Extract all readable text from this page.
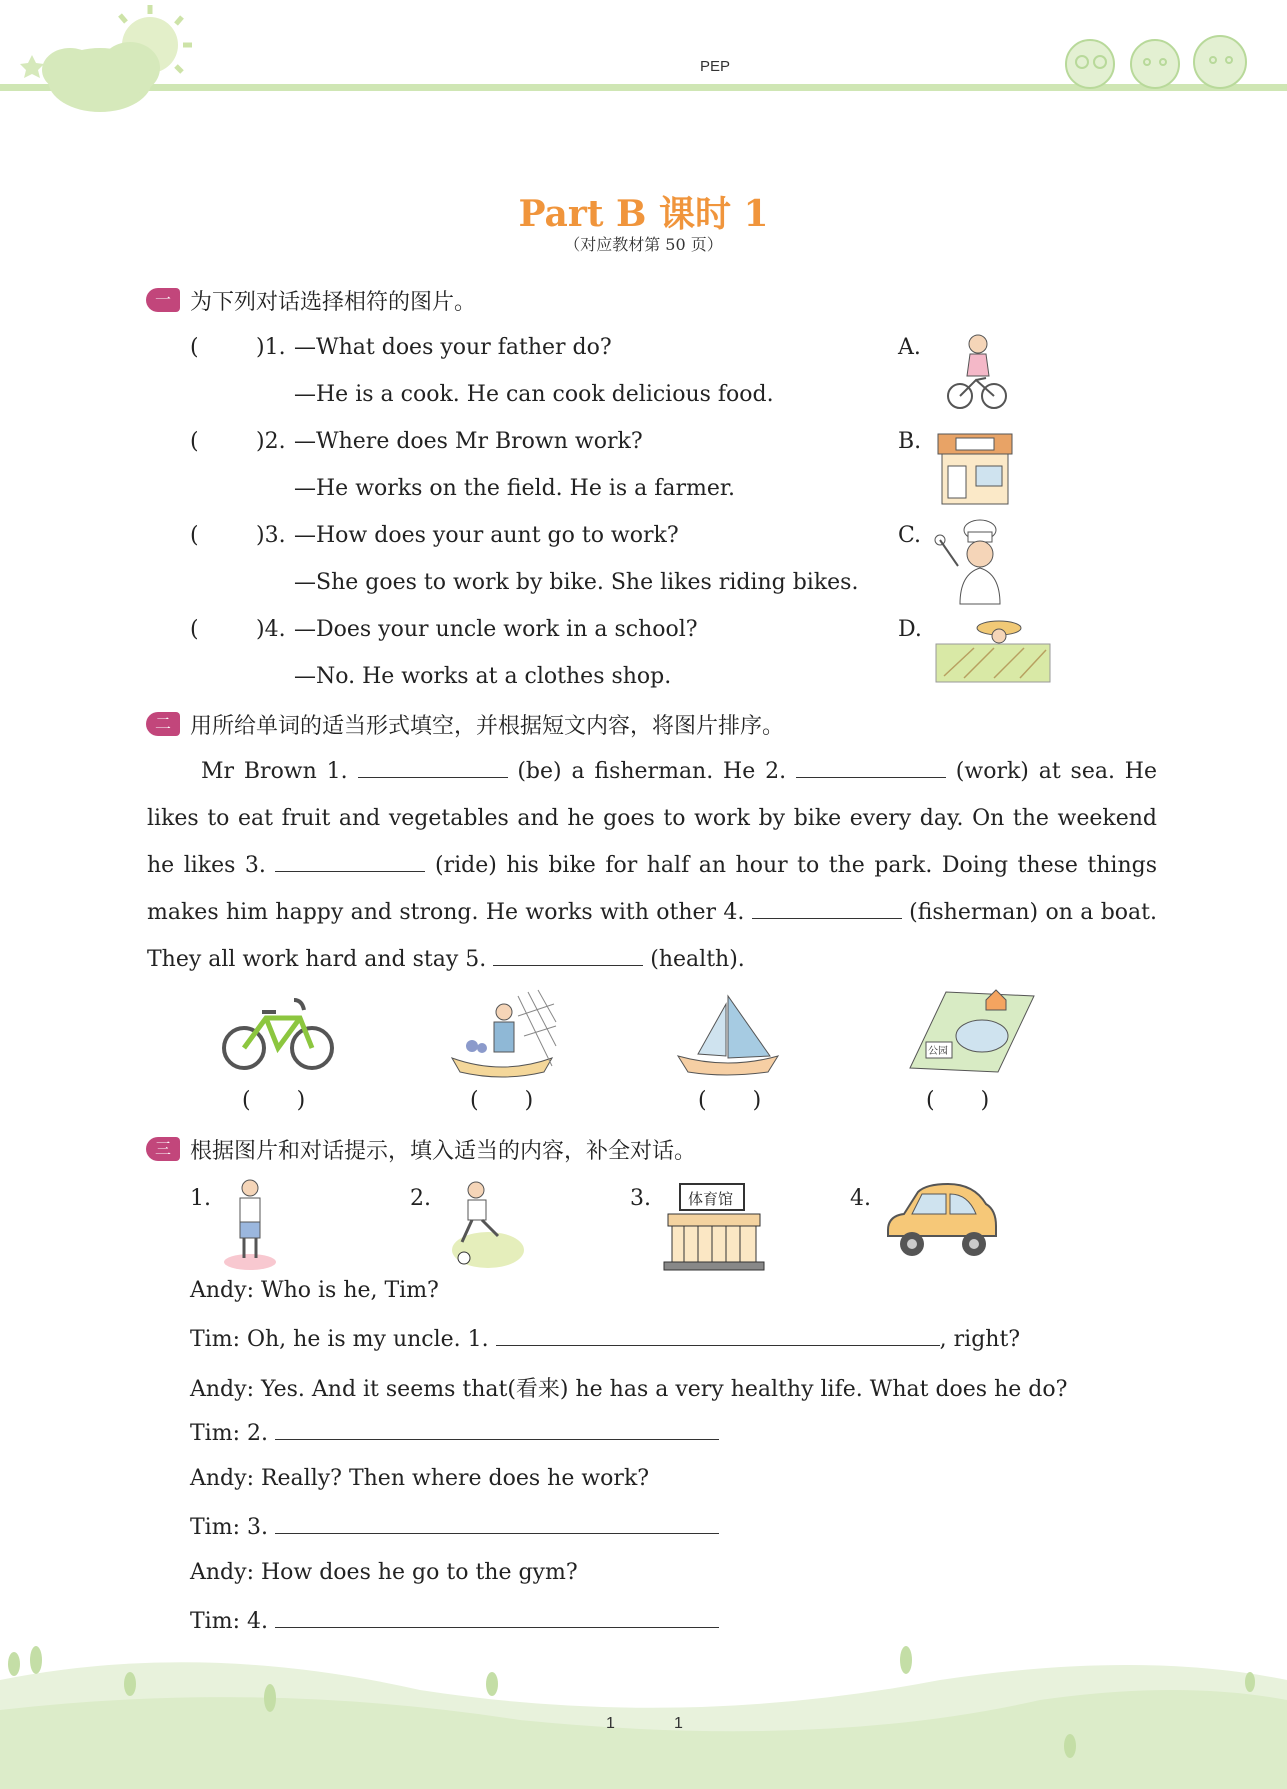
PEP
Part B 课时 1
（对应教材第 50 页）
一 为下列对话选择相符的图片。
(	)1. —What does your father do?
—He is a cook. He can cook delicious food.
(	)2. —Where does Mr Brown work?
—He works on the field. He is a farmer.
(	)3. —How does your aunt go to work?
—She goes to work by bike. She likes riding bikes.
(	)4. —Does your uncle work in a school?
—No. He works at a clothes shop.
A.
B.
C.
D.
二 用所给单词的适当形式填空，并根据短文内容，将图片排序。
Mr Brown 1.	(be) a fisherman. He 2.	(work) at sea. He
likes to eat fruit and vegetables and he goes to work by bike every day. On the weekend
he likes 3.	(ride) his bike for half an hour to the park. Doing these things
makes him happy and strong. He works with other 4.	(fisherman) on a boat.
They all work hard and stay 5.	(health).
公园
( )	( )	( )	( )
三 根据图片和对话提示，填入适当的内容，补全对话。
1.	2.	3. 体育馆	4.
Andy: Who is he, Tim?
Tim: Oh, he is my uncle. 1.	, right?
Andy: Yes. And it seems that(看来) he has a very healthy life. What does he do?
Tim: 2.
Andy: Really? Then where does he work?
Tim: 3.
Andy: How does he go to the gym?
Tim: 4.
1	1
